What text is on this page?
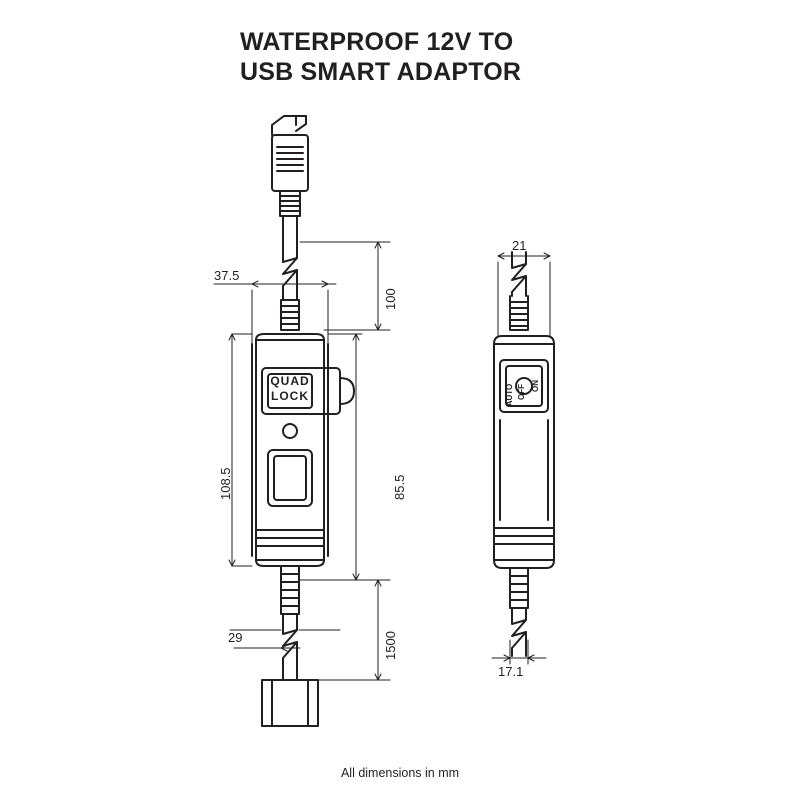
WATERPROOF 12V TO
USB SMART ADAPTOR
QUAD
LOCK
ON
OFF
AUTO
37.5
108.5
29
100
85.5
1500
21
17.1
All dimensions in mm
